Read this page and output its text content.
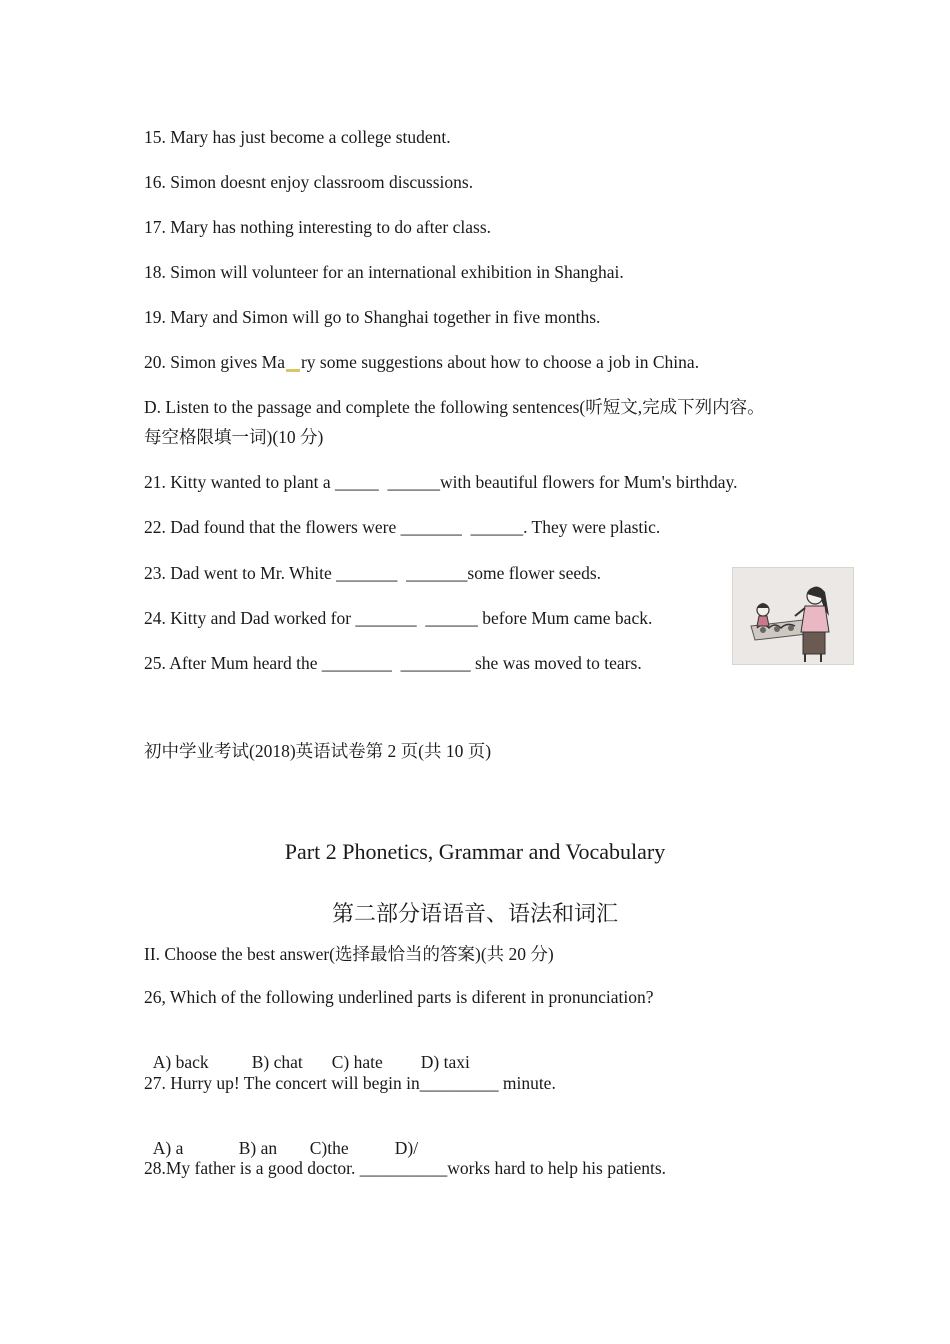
15. Mary has just become a college student.
16. Simon doesnt enjoy classroom discussions.
17. Mary has nothing interesting to do after class.
18. Simon will volunteer for an international exhibition in Shanghai.
19. Mary and Simon will go to Shanghai together in five months.
20. Simon gives Ma ry some suggestions about how to choose a job in China.
D. Listen to the passage and complete the following sentences(听短文,完成下列内容。
每空格限填一词)(10 分)
21. Kitty wanted to plant a _____  ______with beautiful flowers for Mum's birthday.
22. Dad found that the flowers were _______  ______. They were plastic.
23. Dad went to Mr. White _______  _______some flower seeds.
24. Kitty and Dad worked for _______  ______ before Mum came back.
25. After Mum heard the ________  ________ she was moved to tears.
初中学业考试(2018)英语试卷第 2 页(共 10 页)
Part 2 Phonetics, Grammar and Vocabulary
第二部分语语音、语法和词汇
II. Choose the best answer(选择最恰当的答案)(共 20 分)
26, Which of the following underlined parts is diferent in pronunciation?

A) back B) chat C) hate D) taxi

27. Hurry up! The concert will begin in_________ minute.

A) a	B) an C)the	D)/

28.My father is a good doctor. __________works hard to help his patients.
